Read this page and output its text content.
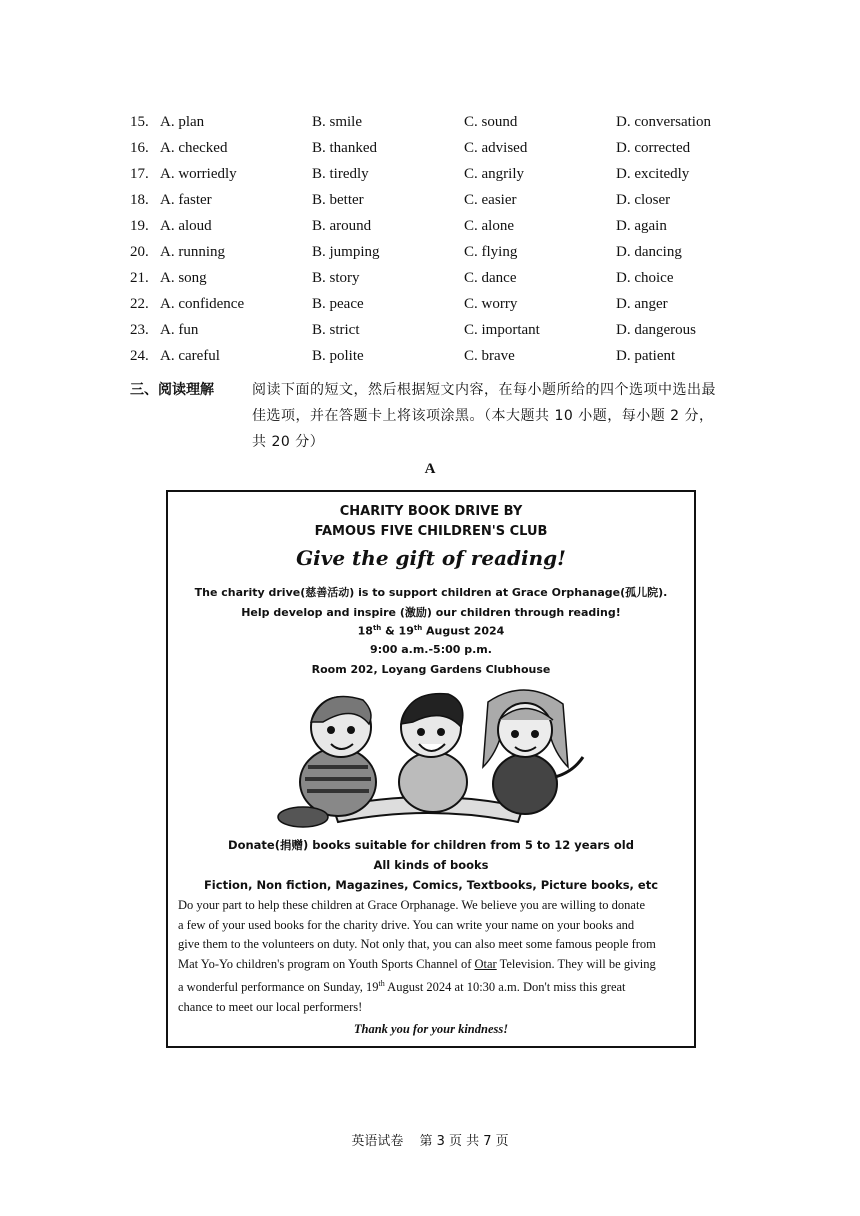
15. A. plan	B. smile	C. sound	D. conversation
16. A. checked	B. thanked	C. advised	D. corrected
17. A. worriedly	B. tiredly	C. angrily	D. excitedly
18. A. faster	B. better	C. easier	D. closer
19. A. aloud	B. around	C. alone	D. again
20. A. running	B. jumping	C. flying	D. dancing
21. A. song	B. story	C. dance	D. choice
22. A. confidence	B. peace	C. worry	D. anger
23. A. fun	B. strict	C. important	D. dangerous
24. A. careful	B. polite	C. brave	D. patient
三、阅读理解	阅读下面的短文，然后根据短文内容，在每小题所给的四个选项中选出最
佳选项，并在答题卡上将该项涂黑。（本大题共 10 小题，每小题 2 分，
共 20 分）
A
CHARITY BOOK DRIVE BY
FAMOUS FIVE CHILDREN'S CLUB
Give the gift of reading!
The charity drive(慈善活动) is to support children at Grace Orphanage(孤儿院).
Help develop and inspire (激励) our children through reading!
18th & 19th August 2024
9:00 a.m.-5:00 p.m.
Room 202, Loyang Gardens Clubhouse
Donate(捐赠) books suitable for children from 5 to 12 years old
All kinds of books
Fiction, Non fiction, Magazines, Comics, Textbooks, Picture books, etc
Do your part to help these children at Grace Orphanage. We believe you are willing to donate
a few of your used books for the charity drive. You can write your name on your books and
give them to the volunteers on duty. Not only that, you can also meet some famous people from
Mat Yo-Yo children's program on Youth Sports Channel of Otar Television. They will be giving
a wonderful performance on Sunday, 19th August 2024 at 10:30 a.m. Don't miss this great
chance to meet our local performers!
Thank you for your kindness!
英语试卷 第 3 页 共 7 页
